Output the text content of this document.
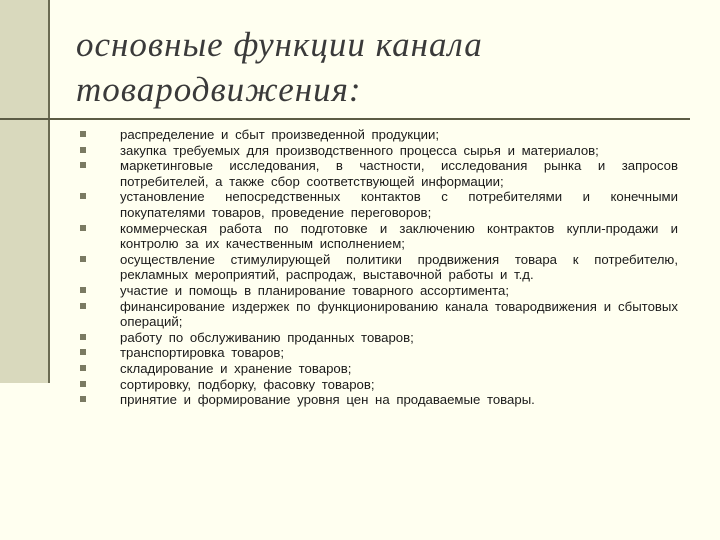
основные функции канала
товародвижения:
распределение и сбыт произведенной продукции;
закупка требуемых для производственного процесса сырья и материалов;
маркетинговые исследования, в частности, исследования рынка и запросов потребителей, а также сбор соответствующей информации;
установление непосредственных контактов с потребителями и конечными покупателями товаров, проведение переговоров;
коммерческая работа по подготовке и заключению контрактов купли-продажи и контролю за их качественным исполнением;
осуществление стимулирующей политики продвижения товара к потребителю, рекламных мероприятий, распродаж, выставочной работы и т.д.
участие и помощь в планирование товарного ассортимента;
финансирование издержек по функционированию канала товародвижения и сбытовых операций;
работу по обслуживанию проданных товаров;
транспортировка товаров;
складирование и хранение товаров;
сортировку, подборку, фасовку товаров;
принятие и формирование уровня цен на продаваемые товары.
